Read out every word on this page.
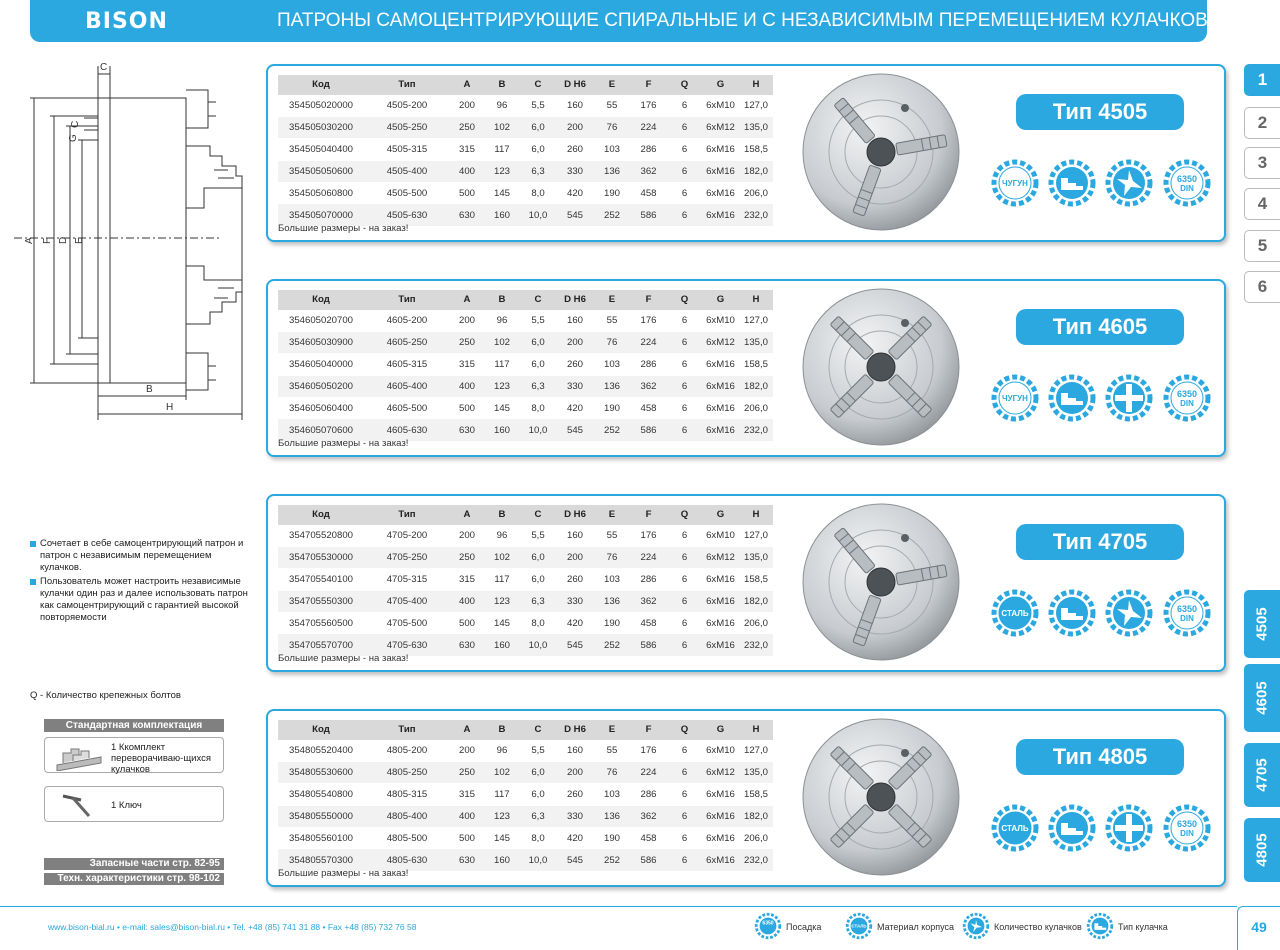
BISON	ПАТРОНЫ САМОЦЕНТРИРУЮЩИЕ СПИРАЛЬНЫЕ И С НЕЗАВИСИМЫМ ПЕРЕМЕЩЕНИЕМ КУЛАЧКОВ
1
2
3
4
5
6
4505
4605
4705
4805
C
C
G
A F D E
B
H
Сочетает в себе самоцентрирующий патрон и патрон с независимым перемещением кулачков.
Пользователь может настроить независимые кулачки один раз и далее использовать патрон как самоцентрирующий с гарантией высокой повторяемости
Q - Количество крепежных болтов
Стандартная комплектация
1 Ккомплект переворачиваю-щихся кулачков
1 Ключ
Запасные части стр. 82-95
Техн. характеристики стр. 98-102
Код	Тип	A	B	C	D H6	E	F	Q	G	H
354505020000	4505-200	200	96	5,5	160	55	176	6	6xM10	127,0
354505030200	4505-250	250	102	6,0	200	76	224	6	6xM12	135,0
354505040400	4505-315	315	117	6,0	260	103	286	6	6xM16	158,5
354505050600	4505-400	400	123	6,3	330	136	362	6	6xM16	182,0
354505060800	4505-500	500	145	8,0	420	190	458	6	6xM16	206,0
354505070000	4505-630	630	160	10,0	545	252	586	6	6xM16	232,0
Большие размеры - на заказ!
Тип 4505
ЧУГУН	6350
DIN
Код	Тип	A	B	C	D H6	E	F	Q	G	H
354605020700	4605-200	200	96	5,5	160	55	176	6	6xM10	127,0
354605030900	4605-250	250	102	6,0	200	76	224	6	6xM12	135,0
354605040000	4605-315	315	117	6,0	260	103	286	6	6xM16	158,5
354605050200	4605-400	400	123	6,3	330	136	362	6	6xM16	182,0
354605060400	4605-500	500	145	8,0	420	190	458	6	6xM16	206,0
354605070600	4605-630	630	160	10,0	545	252	586	6	6xM16	232,0
Большие размеры - на заказ!
Тип 4605
ЧУГУН	6350
DIN
Код	Тип	A	B	C	D H6	E	F	Q	G	H
354705520800	4705-200	200	96	5,5	160	55	176	6	6xM10	127,0
354705530000	4705-250	250	102	6,0	200	76	224	6	6xM12	135,0
354705540100	4705-315	315	117	6,0	260	103	286	6	6xM16	158,5
354705550300	4705-400	400	123	6,3	330	136	362	6	6xM16	182,0
354705560500	4705-500	500	145	8,0	420	190	458	6	6xM16	206,0
354705570700	4705-630	630	160	10,0	545	252	586	6	6xM16	232,0
Большие размеры - на заказ!
Тип 4705
СТАЛЬ	6350
DIN
Код	Тип	A	B	C	D H6	E	F	Q	G	H
354805520400	4805-200	200	96	5,5	160	55	176	6	6xM10	127,0
354805530600	4805-250	250	102	6,0	200	76	224	6	6xM12	135,0
354805540800	4805-315	315	117	6,0	260	103	286	6	6xM16	158,5
354805550000	4805-400	400	123	6,3	330	136	362	6	6xM16	182,0
354805560100	4805-500	500	145	8,0	420	190	458	6	6xM16	206,0
354805570300	4805-630	630	160	10,0	545	252	586	6	6xM16	232,0
Большие размеры - на заказ!
Тип 4805
СТАЛЬ	6350
DIN
www.bison-bial.ru • e-mail: sales@bison-bial.ru • Tel. +48 (85) 741 31 88 • Fax +48 (85) 732 76 58	6350 Посадка	СТАЛЬ Материал корпуса	Количество кулачков	Тип кулачка	49
